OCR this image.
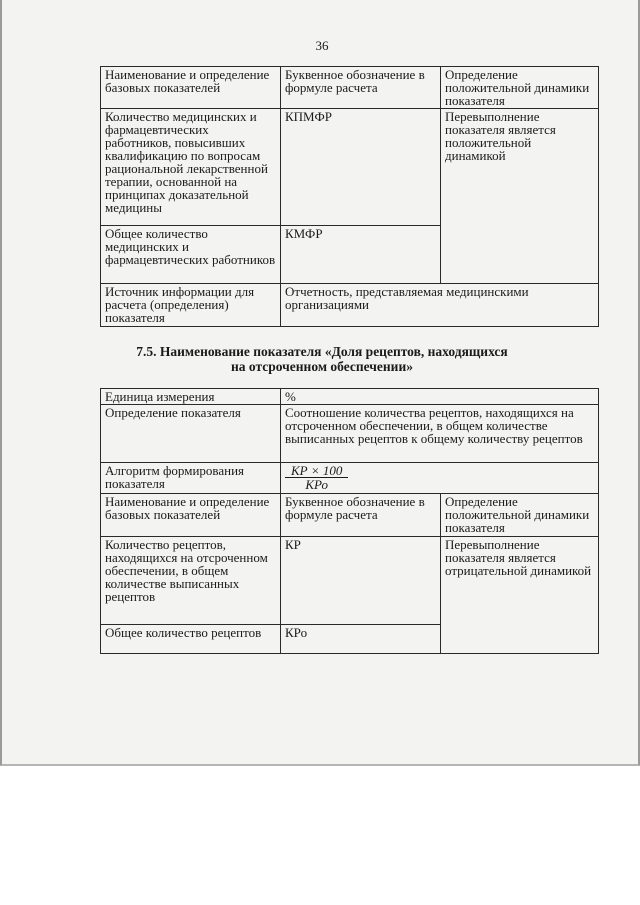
36
Наименование и определение базовых показателей	Буквенное обозначение в формуле расчета	Определение положительной динамики показателя
Количество медицинских и фармацевтических работников, повысивших квалификацию по вопросам рациональной лекарственной терапии, основанной на принципах доказательной медицины	КПМФР	Перевыполнение показателя является положительной динамикой
Общее количество медицинских и фармацевтических работников	КМФР	
Источник информации для расчета (определения) показателя	Отчетность, представляемая медицинскими организациями	
7.5. Наименование показателя «Доля рецептов, находящихся
на отсроченном обеспечении»
Единица измерения	%	
Определение показателя	Соотношение количества рецептов, находящихся на отсроченном обеспечении, в общем количестве выписанных рецептов к общему количеству рецептов	
Алгоритм формирования показателя	$\frac{КР \times 100}{\text{КРо}}$

Наименование и определение базовых показателей	Буквенное обозначение в формуле расчета	Определение положительной динамики показателя
Количество рецептов, находящихся на отсроченном обеспечении, в общем количестве выписанных рецептов	КР	Перевыполнение показателя является отрицательной динамикой
Общее количество рецептов	КРо	
